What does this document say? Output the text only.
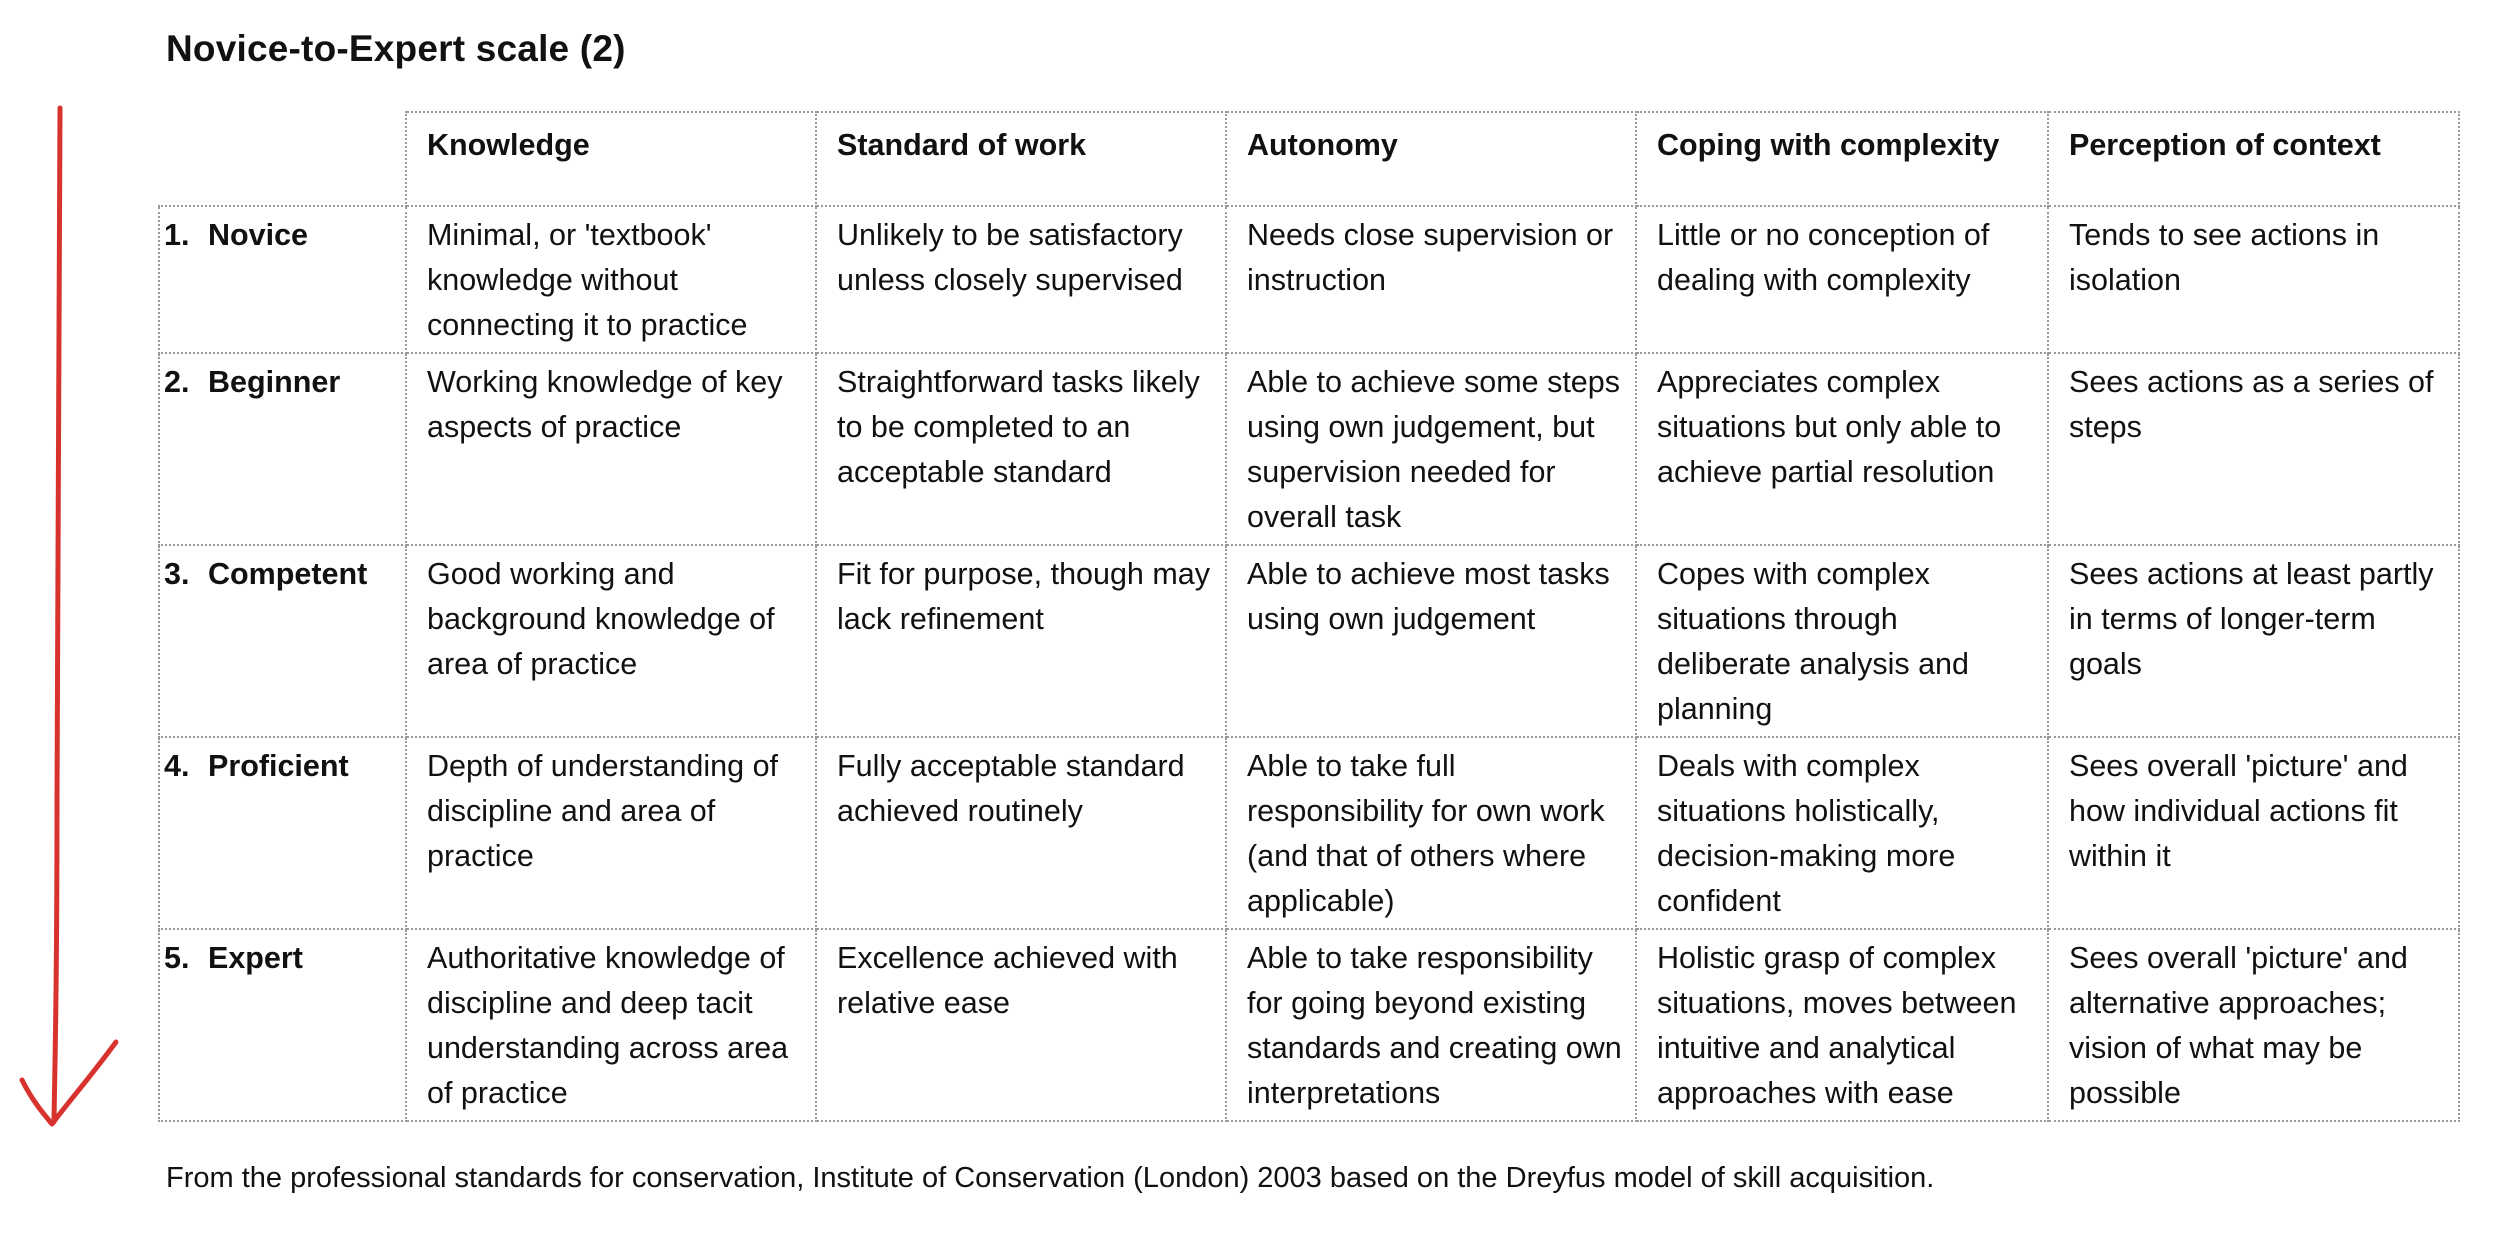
Novice-to-Expert scale (2)
	Knowledge	Standard of work	Autonomy	Coping with complexity	Perception of context
1. Novice	Minimal, or 'textbook' knowledge without connecting it to practice	Unlikely to be satisfactory unless closely supervised	Needs close supervision or instruction	Little or no conception of dealing with complexity	Tends to see actions in isolation
2. Beginner	Working knowledge of key aspects of practice	Straightforward tasks likely to be completed to an acceptable standard	Able to achieve some steps using own judgement, but supervision needed for overall task	Appreciates complex situations but only able to achieve partial resolution	Sees actions as a series of steps
3. Competent	Good working and background knowledge of area of practice	Fit for purpose, though may lack refinement	Able to achieve most tasks using own judgement	Copes with complex situations through deliberate analysis and planning	Sees actions at least partly in terms of longer-term goals
4. Proficient	Depth of understanding of discipline and area of practice	Fully acceptable standard achieved routinely	Able to take full responsibility for own work (and that of others where applicable)	Deals with complex situations holistically, decision-making more confident	Sees overall 'picture' and how individual actions fit within it
5. Expert	Authoritative knowledge of discipline and deep tacit understanding across area of practice	Excellence achieved with relative ease	Able to take responsibility for going beyond existing standards and creating own interpretations	Holistic grasp of complex situations, moves between intuitive and analytical approaches with ease	Sees overall 'picture' and alternative approaches; vision of what may be possible

From the professional standards for conservation, Institute of Conservation (London) 2003 based on the Dreyfus model of skill acquisition.
